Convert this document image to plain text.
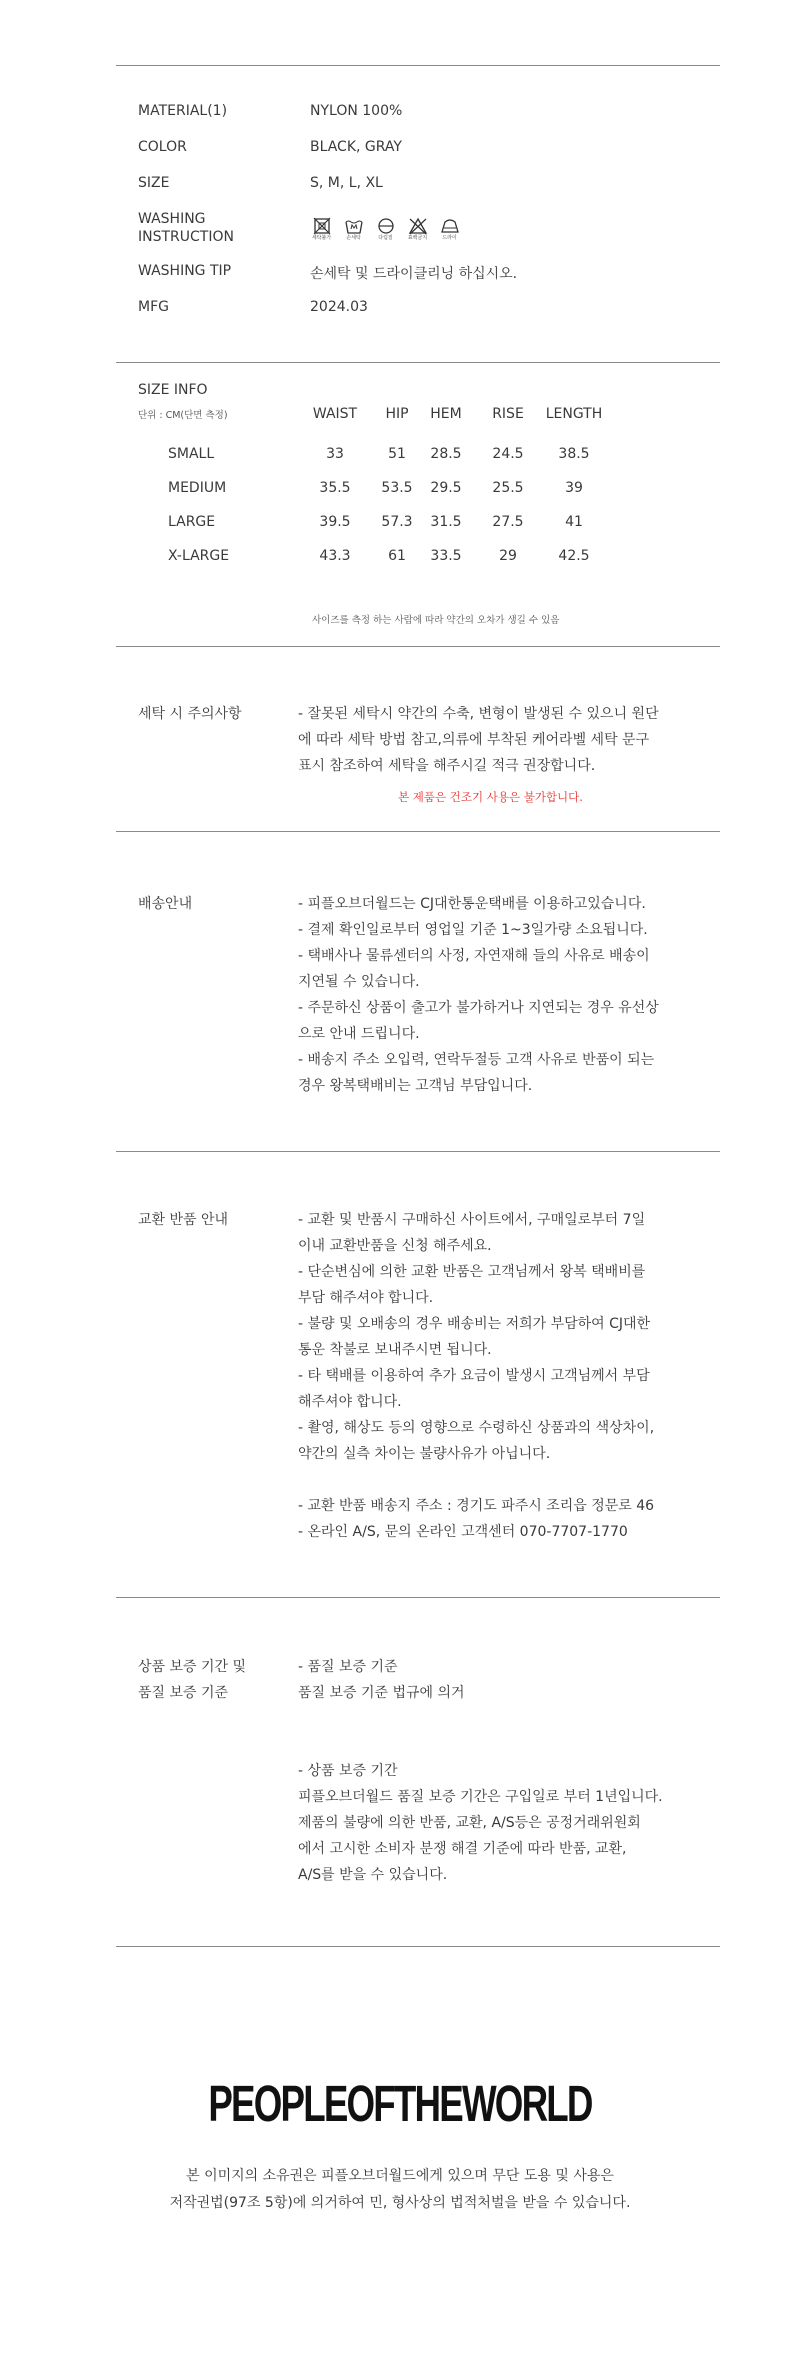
MATERIAL(1)	NYLON 100%
COLOR	BLACK, GRAY
SIZE	S, M, L, XL
WASHING
INSTRUCTION	세탁불가	손세탁	다림질	표백금지	드라이
WASHING TIP	손세탁 및 드라이클리닝 하십시오.
MFG	2024.03
SIZE INFO
단위 : CM(단면 측정)	WAIST	HIP	HEM	RISE	LENGTH
SMALL	33	51	28.5	24.5	38.5
MEDIUM	35.5	53.5	29.5	25.5	39
LARGE	39.5	57.3	31.5	27.5	41
X-LARGE	43.3	61	33.5	29	42.5
사이즈를 측정 하는 사람에 따라 약간의 오차가 생길 수 있음
세탁 시 주의사항	- 잘못된 세탁시 약간의 수축, 변형이 발생된 수 있으니 원단
에 따라 세탁 방법 참고,의류에 부착된 케어라벨 세탁 문구
표시 참조하여 세탁을 해주시길 적극 권장합니다.
본 제품은 건조기 사용은 불가합니다.
배송안내	- 피플오브더월드는 CJ대한통운택배를 이용하고있습니다.
- 결제 확인일로부터 영업일 기준 1~3일가량 소요됩니다.
- 택배사나 물류센터의 사정, 자연재해 들의 사유로 배송이
지연될 수 있습니다.
- 주문하신 상품이 출고가 불가하거나 지연되는 경우 유선상
으로 안내 드립니다.
- 배송지 주소 오입력, 연락두절등 고객 사유로 반품이 되는
경우 왕복택배비는 고객님 부담입니다.
교환 반품 안내	- 교환 및 반품시 구매하신 사이트에서, 구매일로부터 7일
이내 교환반품을 신청 해주세요.
- 단순변심에 의한 교환 반품은 고객님께서 왕복 택배비를
부담 해주셔야 합니다.
- 불량 및 오배송의 경우 배송비는 저희가 부담하여 CJ대한
통운 착불로 보내주시면 됩니다.
- 타 택배를 이용하여 추가 요금이 발생시 고객님께서 부담
해주셔야 합니다.
- 촬영, 해상도 등의 영향으로 수령하신 상품과의 색상차이,
약간의 실측 차이는 불량사유가 아닙니다.
- 교환 반품 배송지 주소 : 경기도 파주시 조리읍 정문로 46
- 온라인 A/S, 문의 온라인 고객센터 070-7707-1770
상품 보증 기간 및
품질 보증 기준
- 품질 보증 기준
품질 보증 기준 법규에 의거
- 상품 보증 기간
피플오브더월드 품질 보증 기간은 구입일로 부터 1년입니다.
제품의 불량에 의한 반품, 교환, A/S등은 공정거래위원회
에서 고시한 소비자 분쟁 해결 기준에 따라 반품, 교환,
A/S를 받을 수 있습니다.
PEOPLEOFTHEWORLD
본 이미지의 소유권은 피플오브더월드에게 있으며 무단 도용 및 사용은
저작권법(97조 5항)에 의거하여 민, 형사상의 법적처벌을 받을 수 있습니다.
